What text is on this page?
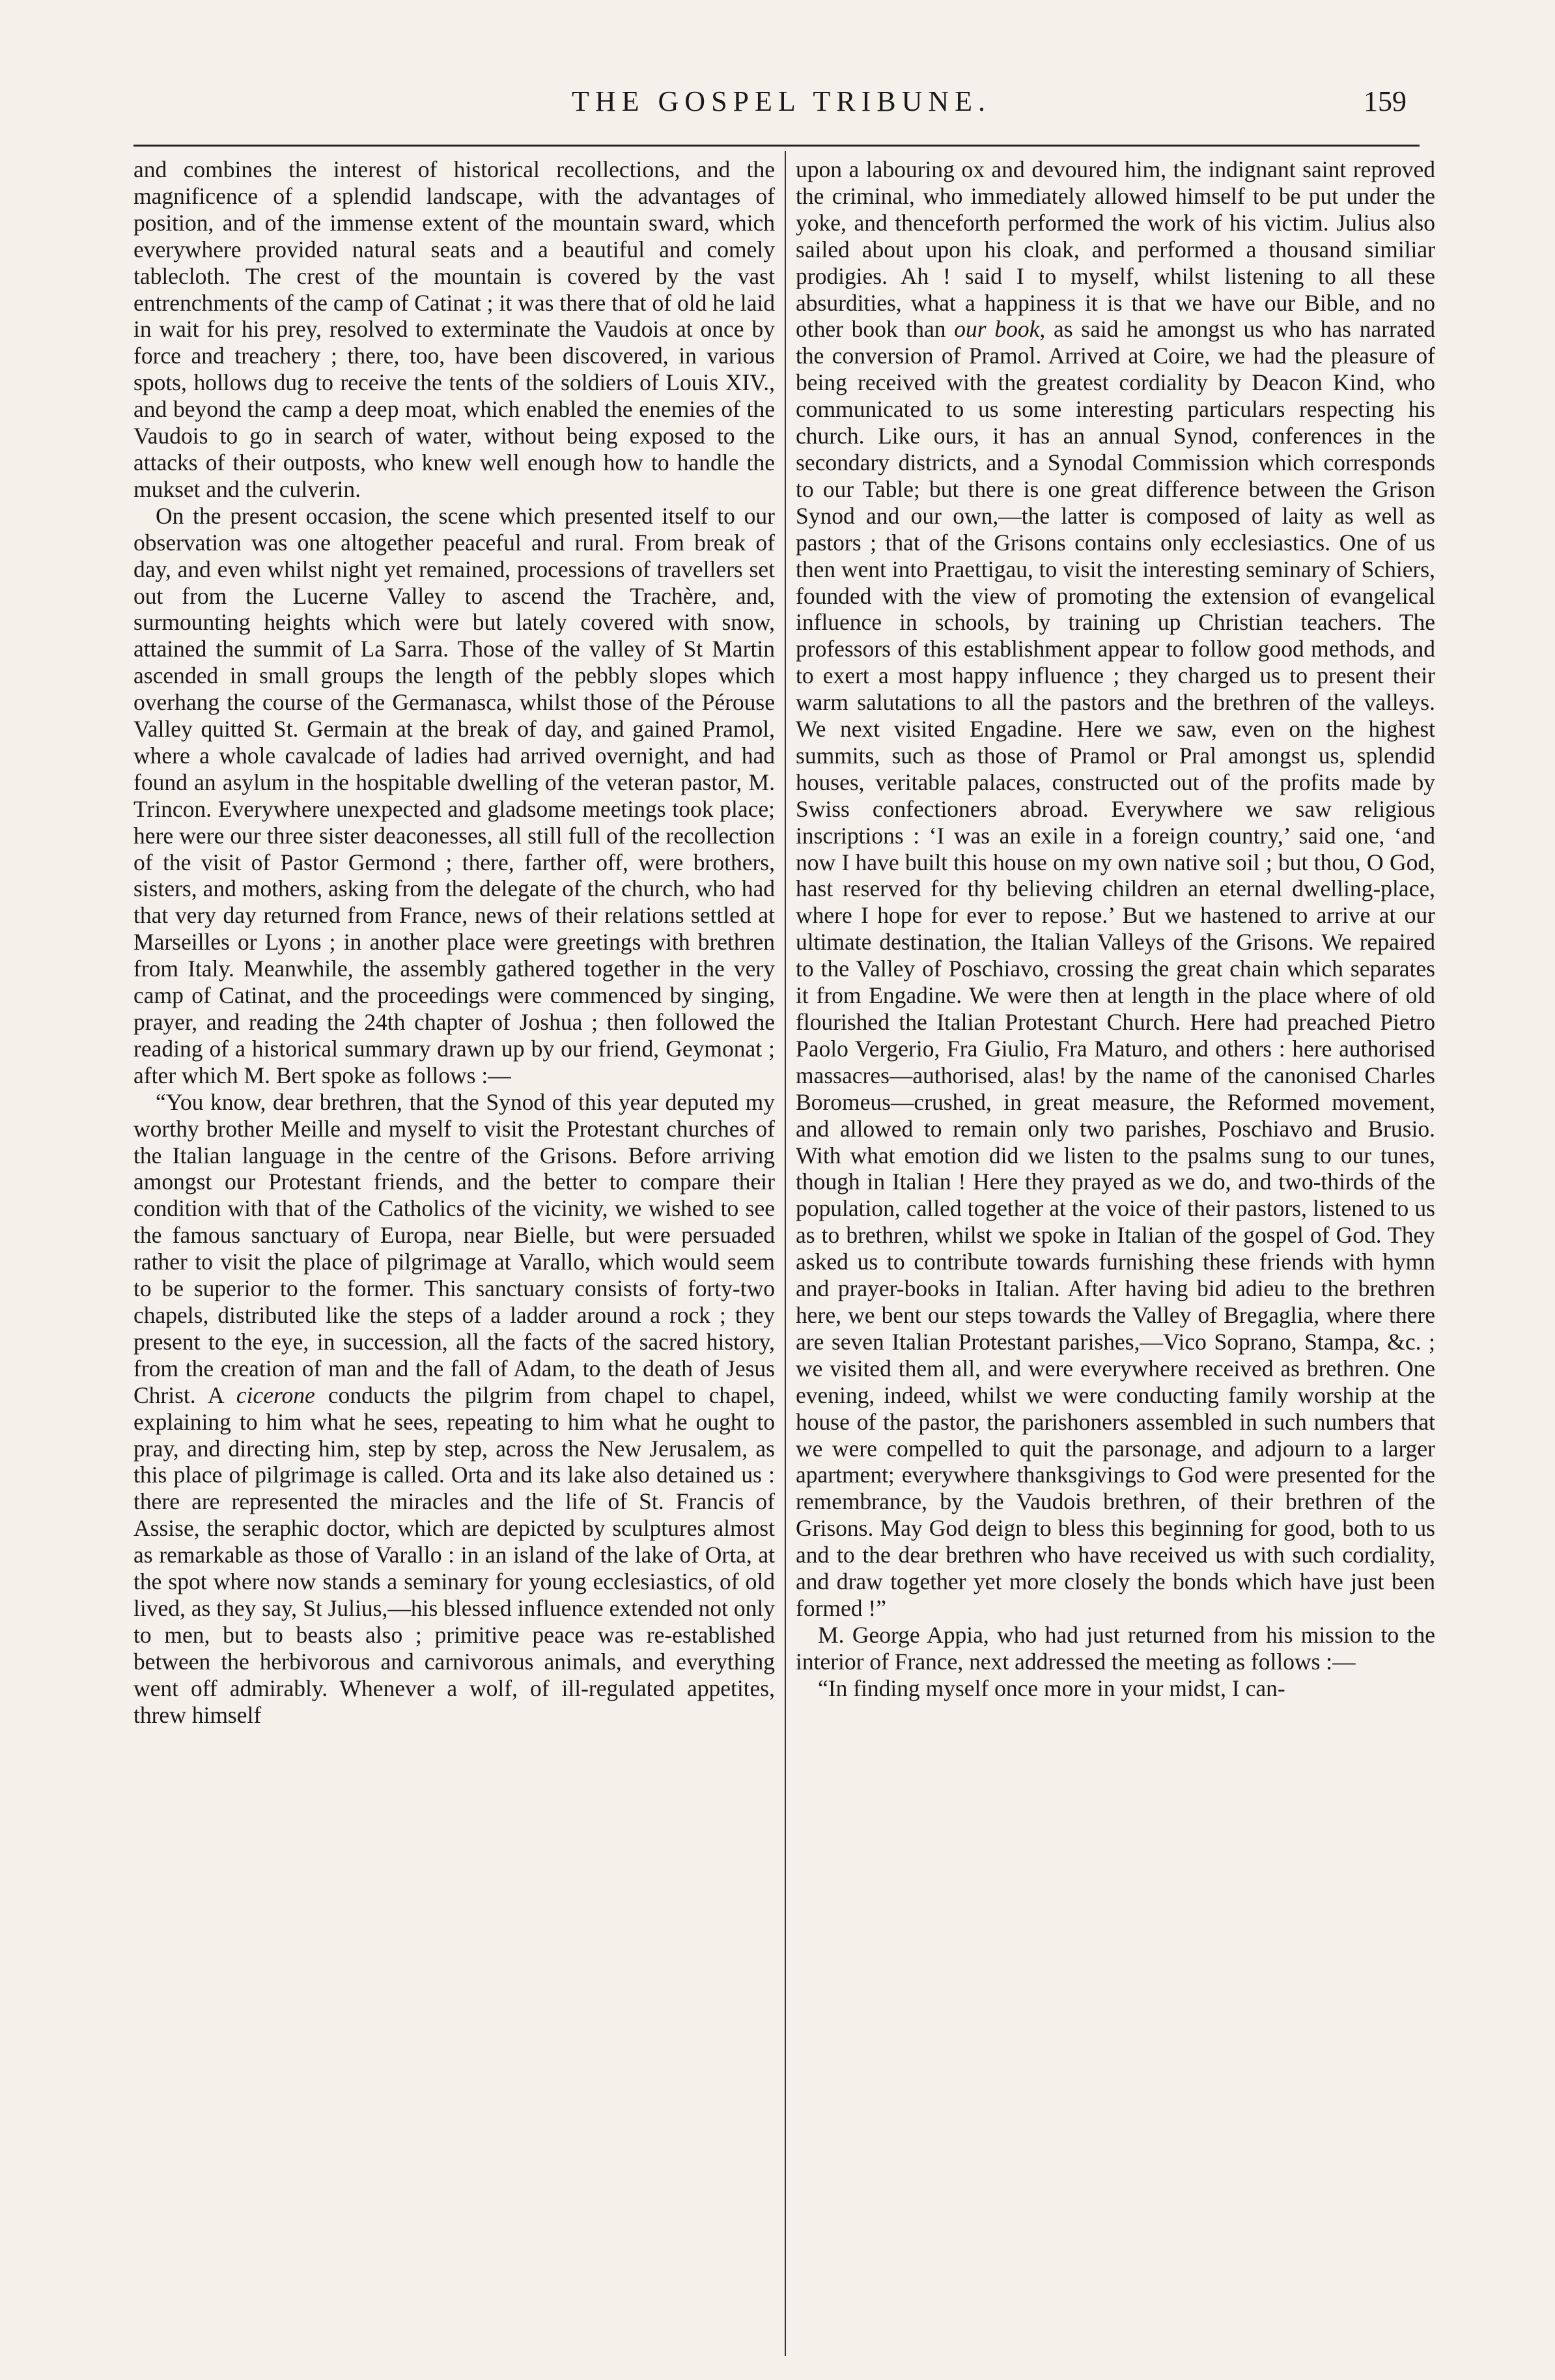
THE GOSPEL TRIBUNE.	159

and combines the interest of historical recollections, and the magnificence of a splendid landscape, with the advantages of position, and of the immense extent of the mountain sward, which everywhere provided natural seats and a beautiful and comely tablecloth. The crest of the mountain is covered by the vast entrenchments of the camp of Catinat ; it was there that of old he laid in wait for his prey, resolved to exterminate the Vaudois at once by force and treachery ; there, too, have been discovered, in various spots, hollows dug to receive the tents of the soldiers of Louis XIV., and beyond the camp a deep moat, which enabled the enemies of the Vaudois to go in search of water, without being exposed to the attacks of their outposts, who knew well enough how to handle the mukset and the culverin.

On the present occasion, the scene which presented itself to our observation was one altogether peaceful and rural. From break of day, and even whilst night yet remained, processions of travellers set out from the Lucerne Valley to ascend the Trachère, and, surmounting heights which were but lately covered with snow, attained the summit of La Sarra. Those of the valley of St Martin ascended in small groups the length of the pebbly slopes which overhang the course of the Germanasca, whilst those of the Pérouse Valley quitted St. Germain at the break of day, and gained Pramol, where a whole cavalcade of ladies had arrived overnight, and had found an asylum in the hospitable dwelling of the veteran pastor, M. Trincon. Everywhere unexpected and gladsome meetings took place; here were our three sister deaconesses, all still full of the recollection of the visit of Pastor Germond ; there, farther off, were brothers, sisters, and mothers, asking from the delegate of the church, who had that very day returned from France, news of their relations settled at Marseilles or Lyons ; in another place were greetings with brethren from Italy. Meanwhile, the assembly gathered together in the very camp of Catinat, and the proceedings were commenced by singing, prayer, and reading the 24th chapter of Joshua ; then followed the reading of a historical summary drawn up by our friend, Geymonat ; after which M. Bert spoke as follows :—

“You know, dear brethren, that the Synod of this year deputed my worthy brother Meille and myself to visit the Protestant churches of the Italian language in the centre of the Grisons. Before arriving amongst our Protestant friends, and the better to compare their condition with that of the Catholics of the vicinity, we wished to see the famous sanctuary of Europa, near Bielle, but were persuaded rather to visit the place of pilgrimage at Varallo, which would seem to be superior to the former. This sanctuary consists of forty-two chapels, distributed like the steps of a ladder around a rock ; they present to the eye, in succession, all the facts of the sacred history, from the creation of man and the fall of Adam, to the death of Jesus Christ. A cicerone conducts the pilgrim from chapel to chapel, explaining to him what he sees, repeating to him what he ought to pray, and directing him, step by step, across the New Jerusalem, as this place of pilgrimage is called. Orta and its lake also detained us : there are represented the miracles and the life of St. Francis of Assise, the seraphic doctor, which are depicted by sculptures almost as remarkable as those of Varallo : in an island of the lake of Orta, at the spot where now stands a seminary for young ecclesiastics, of old lived, as they say, St Julius,—his blessed influence extended not only to men, but to beasts also ; primitive peace was re-established between the herbivorous and carnivorous animals, and everything went off admirably. Whenever a wolf, of ill-regulated appetites, threw himself

upon a labouring ox and devoured him, the indignant saint reproved the criminal, who immediately allowed himself to be put under the yoke, and thenceforth performed the work of his victim. Julius also sailed about upon his cloak, and performed a thousand similiar prodigies. Ah ! said I to myself, whilst listening to all these absurdities, what a happiness it is that we have our Bible, and no other book than our book, as said he amongst us who has narrated the conversion of Pramol. Arrived at Coire, we had the pleasure of being received with the greatest cordiality by Deacon Kind, who communicated to us some interesting particulars respecting his church. Like ours, it has an annual Synod, conferences in the secondary districts, and a Synodal Commission which corresponds to our Table; but there is one great difference between the Grison Synod and our own,—the latter is composed of laity as well as pastors ; that of the Grisons contains only ecclesiastics. One of us then went into Praettigau, to visit the interesting seminary of Schiers, founded with the view of promoting the extension of evangelical influence in schools, by training up Christian teachers. The professors of this establishment appear to follow good methods, and to exert a most happy influence ; they charged us to present their warm salutations to all the pastors and the brethren of the valleys. We next visited Engadine. Here we saw, even on the highest summits, such as those of Pramol or Pral amongst us, splendid houses, veritable palaces, constructed out of the profits made by Swiss confectioners abroad. Everywhere we saw religious inscriptions : ‘I was an exile in a foreign country,’ said one, ‘and now I have built this house on my own native soil ; but thou, O God, hast reserved for thy believing children an eternal dwelling-place, where I hope for ever to repose.’ But we hastened to arrive at our ultimate destination, the Italian Valleys of the Grisons. We repaired to the Valley of Poschiavo, crossing the great chain which separates it from Engadine. We were then at length in the place where of old flourished the Italian Protestant Church. Here had preached Pietro Paolo Vergerio, Fra Giulio, Fra Maturo, and others : here authorised massacres—authorised, alas! by the name of the canonised Charles Boromeus—crushed, in great measure, the Reformed movement, and allowed to remain only two parishes, Poschiavo and Brusio. With what emotion did we listen to the psalms sung to our tunes, though in Italian ! Here they prayed as we do, and two-thirds of the population, called together at the voice of their pastors, listened to us as to brethren, whilst we spoke in Italian of the gospel of God. They asked us to contribute towards furnishing these friends with hymn and prayer-books in Italian. After having bid adieu to the brethren here, we bent our steps towards the Valley of Bregaglia, where there are seven Italian Protestant parishes,—Vico Soprano, Stampa, &c. ; we visited them all, and were everywhere received as brethren. One evening, indeed, whilst we were conducting family worship at the house of the pastor, the parishoners assembled in such numbers that we were compelled to quit the parsonage, and adjourn to a larger apartment; everywhere thanksgivings to God were presented for the remembrance, by the Vaudois brethren, of their brethren of the Grisons. May God deign to bless this beginning for good, both to us and to the dear brethren who have received us with such cordiality, and draw together yet more closely the bonds which have just been formed !”

M. George Appia, who had just returned from his mission to the interior of France, next addressed the meeting as follows :—

“In finding myself once more in your midst, I can-
